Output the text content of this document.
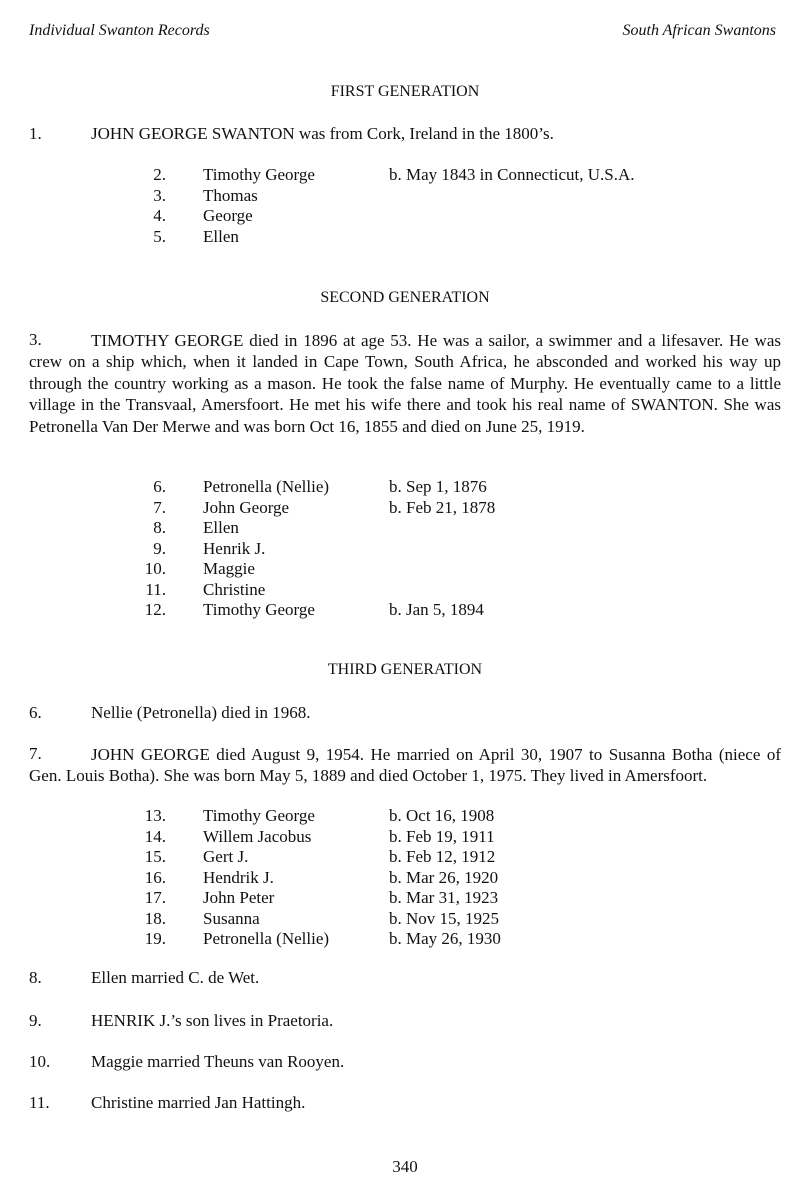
Individual Swanton Records	South African Swantons
FIRST GENERATION
1.	JOHN GEORGE SWANTON was from Cork, Ireland in the 1800’s.
2. Timothy George	b. May 1843 in Connecticut, U.S.A.
3. Thomas
4. George
5. Ellen
SECOND GENERATION
3.	TIMOTHY GEORGE died in 1896 at age 53. He was a sailor, a swimmer and a lifesaver. He was crew on a ship which, when it landed in Cape Town, South Africa, he absconded and worked his way up through the country working as a mason. He took the false name of Murphy. He eventually came to a little village in the Transvaal, Amersfoort. He met his wife there and took his real name of SWANTON. She was Petronella Van Der Merwe and was born Oct 16, 1855 and died on June 25, 1919.
6. Petronella (Nellie)	b. Sep 1, 1876
7. John George	b. Feb 21, 1878
8. Ellen
9. Henrik J.
10. Maggie
11. Christine
12. Timothy George	b. Jan 5, 1894
THIRD GENERATION
6.	Nellie (Petronella) died in 1968.
7.	JOHN GEORGE died August 9, 1954. He married on April 30, 1907 to Susanna Botha (niece of Gen. Louis Botha). She was born May 5, 1889 and died October 1, 1975. They lived in Amersfoort.
13. Timothy George	b. Oct 16, 1908
14. Willem Jacobus	b. Feb 19, 1911
15. Gert J.	b. Feb 12, 1912
16. Hendrik J.	b. Mar 26, 1920
17. John Peter	b. Mar 31, 1923
18. Susanna	b. Nov 15, 1925
19. Petronella (Nellie)	b. May 26, 1930
8.	Ellen married C. de Wet.
9.	HENRIK J.’s son lives in Praetoria.
10. Maggie married Theuns van Rooyen.
11. Christine married Jan Hattingh.
340
